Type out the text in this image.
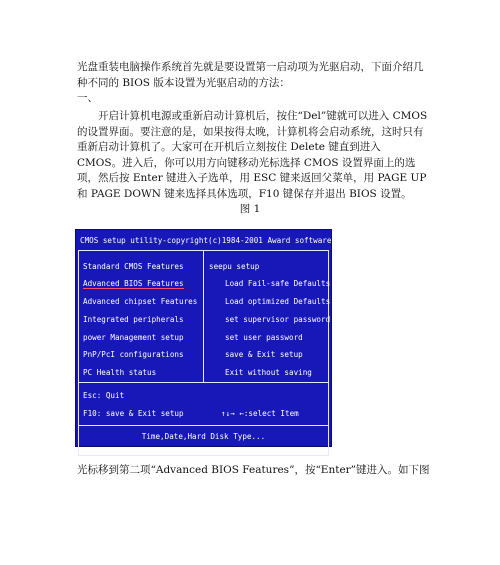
光盘重装电脑操作系统首先就是要设置第一启动项为光驱启动，下面介绍几种不同的 BIOS 版本设置为光驱启动的方法：

一、

开启计算机电源或重新启动计算机后，按住“Del”键就可以进入 CMOS 的设置界面。要注意的是，如果按得太晚，计算机将会启动系统，这时只有重新启动计算机了。大家可在开机后立刻按住 Delete 键直到进入 CMOS。进入后，你可以用方向键移动光标选择 CMOS 设置界面上的选项，然后按 Enter 键进入子选单，用 ESC 键来返回父菜单，用 PAGE UP 和 PAGE DOWN 键来选择具体选项，F10 键保存并退出 BIOS 设置。

图 1
CMOS setup utility-copyright(c)1984-2001 Award software
Standard CMOS Features
Advanced BIOS Features
Advanced chipset Features
Integrated peripherals
power Management setup
PnP/PcI configurations
PC Health status
seepu setup
Load Fail-safe Defaults
Load optimized Defaults
set supervisor password
set user password
save & Exit setup
Exit without saving
Esc: Quit
F10: save & Exit setup	↑↓→ ←:select Item
Time,Date,Hard Disk Type...
光标移到第二项“Advanced BIOS Features”，按“Enter”键进入。如下图
